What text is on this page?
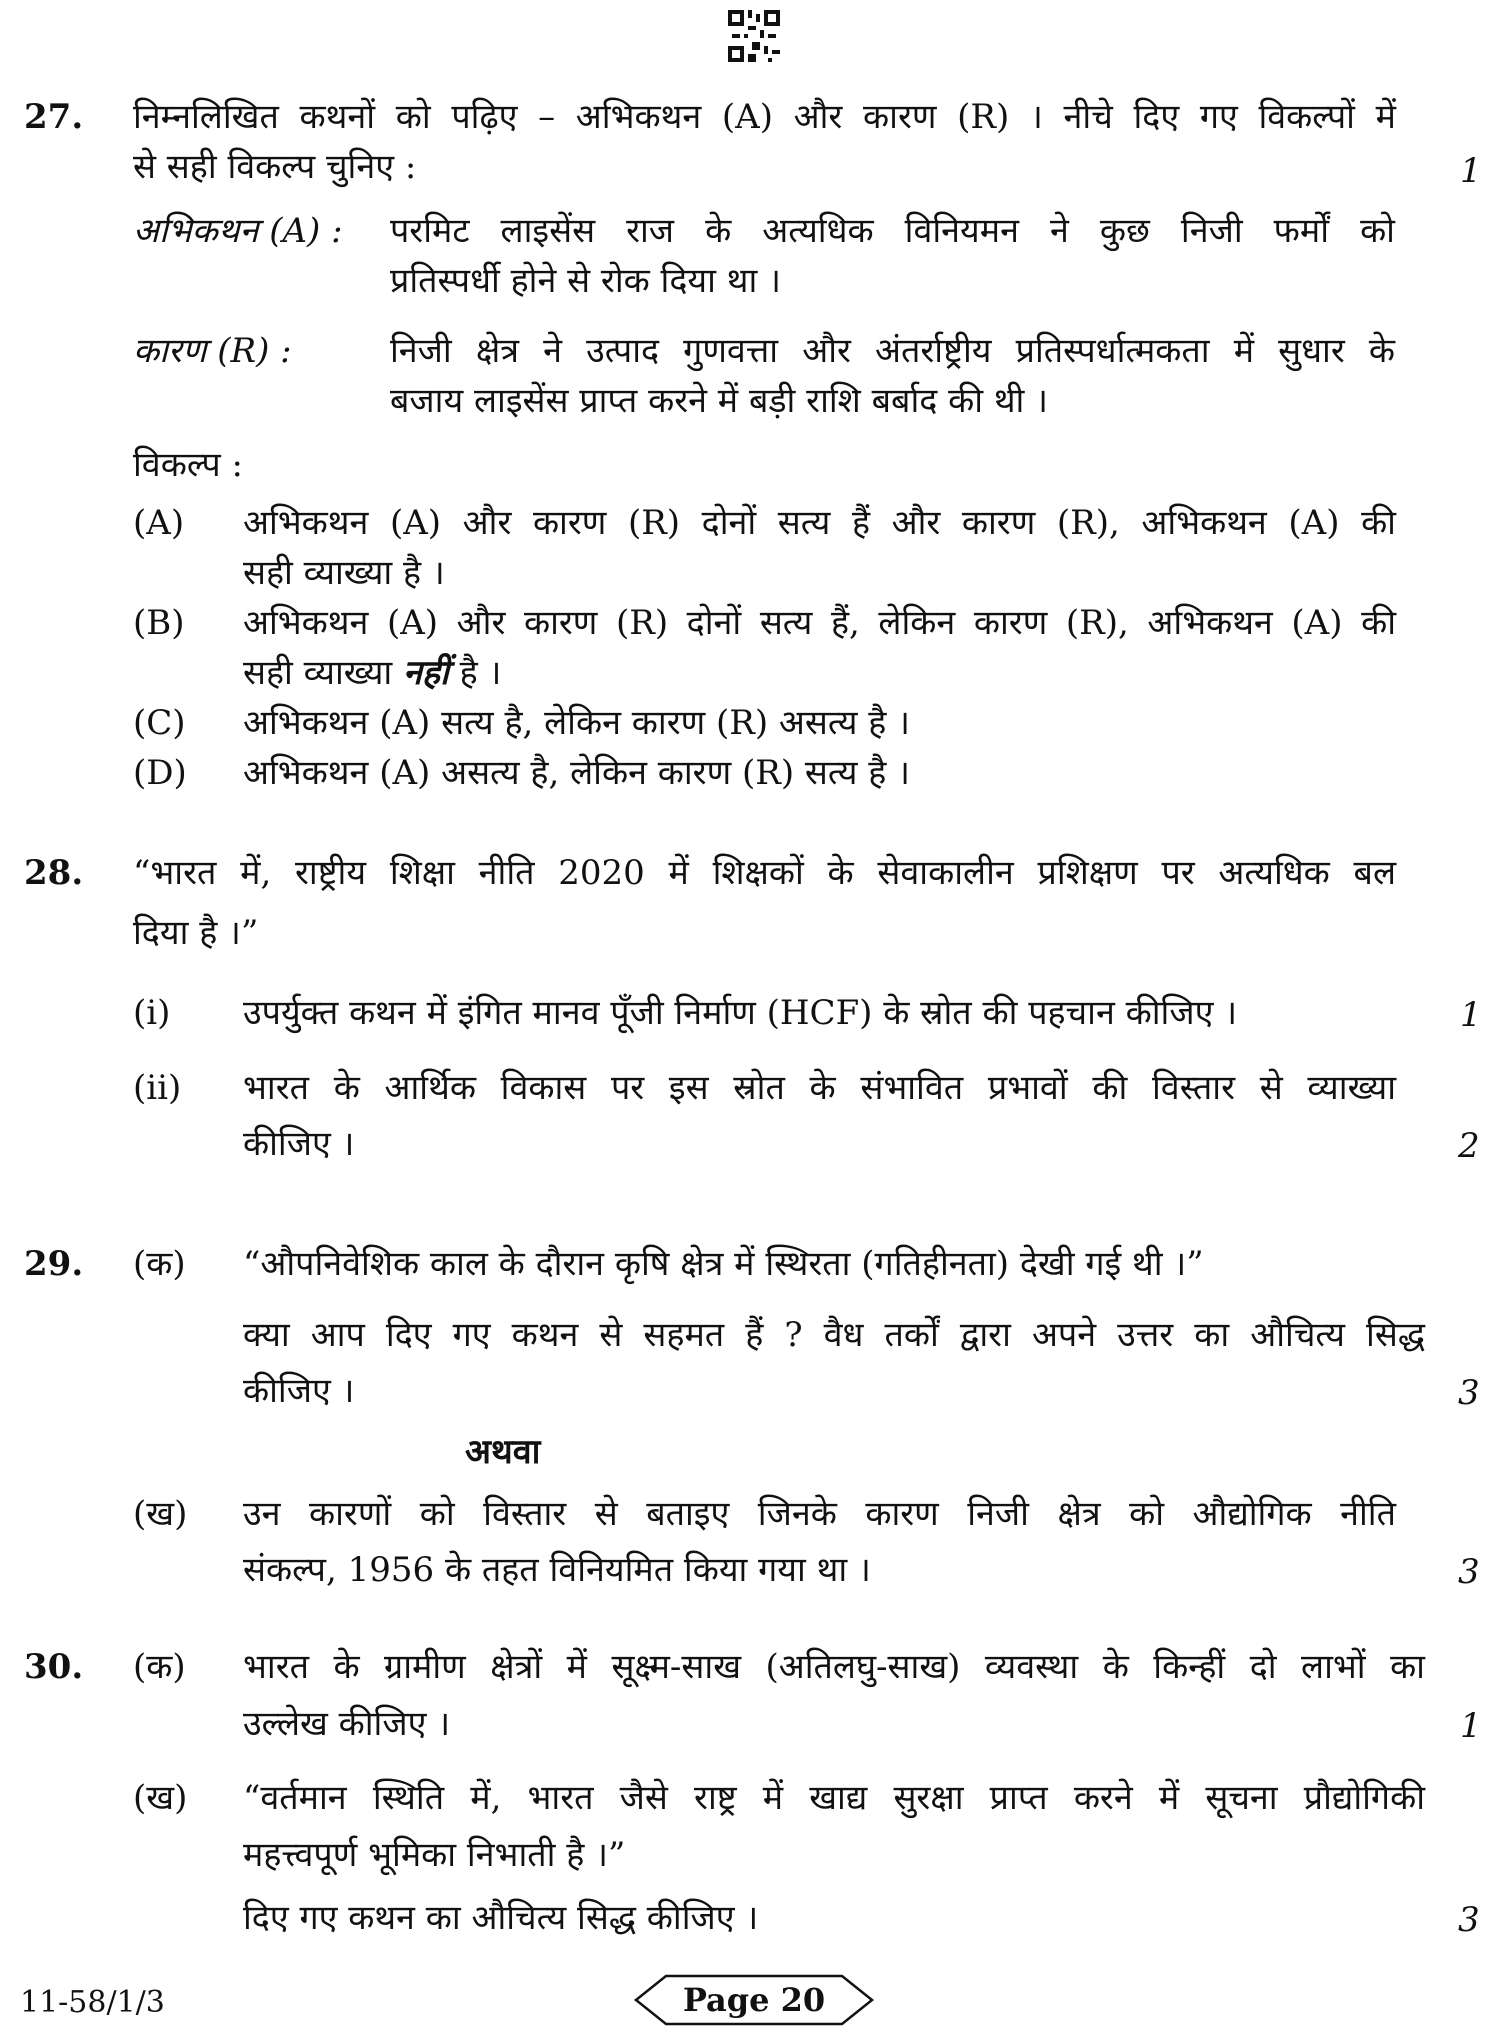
27. निम्नलिखित कथनों को पढ़िए – अभिकथन (A) और कारण (R) । नीचे दिए गए विकल्पों में
से सही विकल्प चुनिए :	1
अभिकथन (A) : परमिट लाइसेंस राज के अत्यधिक विनियमन ने कुछ निजी फर्मों को
प्रतिस्पर्धी होने से रोक दिया था ।
कारण (R) :	निजी क्षेत्र ने उत्पाद गुणवत्ता और अंतर्राष्ट्रीय प्रतिस्पर्धात्मकता में सुधार के
बजाय लाइसेंस प्राप्त करने में बड़ी राशि बर्बाद की थी ।
विकल्प :
(A) अभिकथन (A) और कारण (R) दोनों सत्य हैं और कारण (R), अभिकथन (A) की
सही व्याख्या है ।
(B) अभिकथन (A) और कारण (R) दोनों सत्य हैं, लेकिन कारण (R), अभिकथन (A) की
सही व्याख्या नहीं है ।
(C) अभिकथन (A) सत्य है, लेकिन कारण (R) असत्य है ।
(D) अभिकथन (A) असत्य है, लेकिन कारण (R) सत्य है ।
28. “भारत में, राष्ट्रीय शिक्षा नीति 2020 में शिक्षकों के सेवाकालीन प्रशिक्षण पर अत्यधिक बल
दिया है ।”
(i) उपर्युक्त कथन में इंगित मानव पूँजी निर्माण (HCF) के स्रोत की पहचान कीजिए ।	1
(ii) भारत के आर्थिक विकास पर इस स्रोत के संभावित प्रभावों की विस्तार से व्याख्या
कीजिए ।	2
29. (क) “औपनिवेशिक काल के दौरान कृषि क्षेत्र में स्थिरता (गतिहीनता) देखी गई थी ।”
क्या आप दिए गए कथन से सहमत हैं ? वैध तर्कों द्वारा अपने उत्तर का औचित्य सिद्ध
कीजिए ।	3
अथवा
(ख) उन कारणों को विस्तार से बताइए जिनके कारण निजी क्षेत्र को औद्योगिक नीति
संकल्प, 1956 के तहत विनियमित किया गया था ।	3
30. (क) भारत के ग्रामीण क्षेत्रों में सूक्ष्म-साख (अतिलघु-साख) व्यवस्था के किन्हीं दो लाभों का
उल्लेख कीजिए ।	1
(ख) “वर्तमान स्थिति में, भारत जैसे राष्ट्र में खाद्य सुरक्षा प्राप्त करने में सूचना प्रौद्योगिकी
महत्त्वपूर्ण भूमिका निभाती है ।”
दिए गए कथन का औचित्य सिद्ध कीजिए ।	3
11-58/1/3	Page 20
